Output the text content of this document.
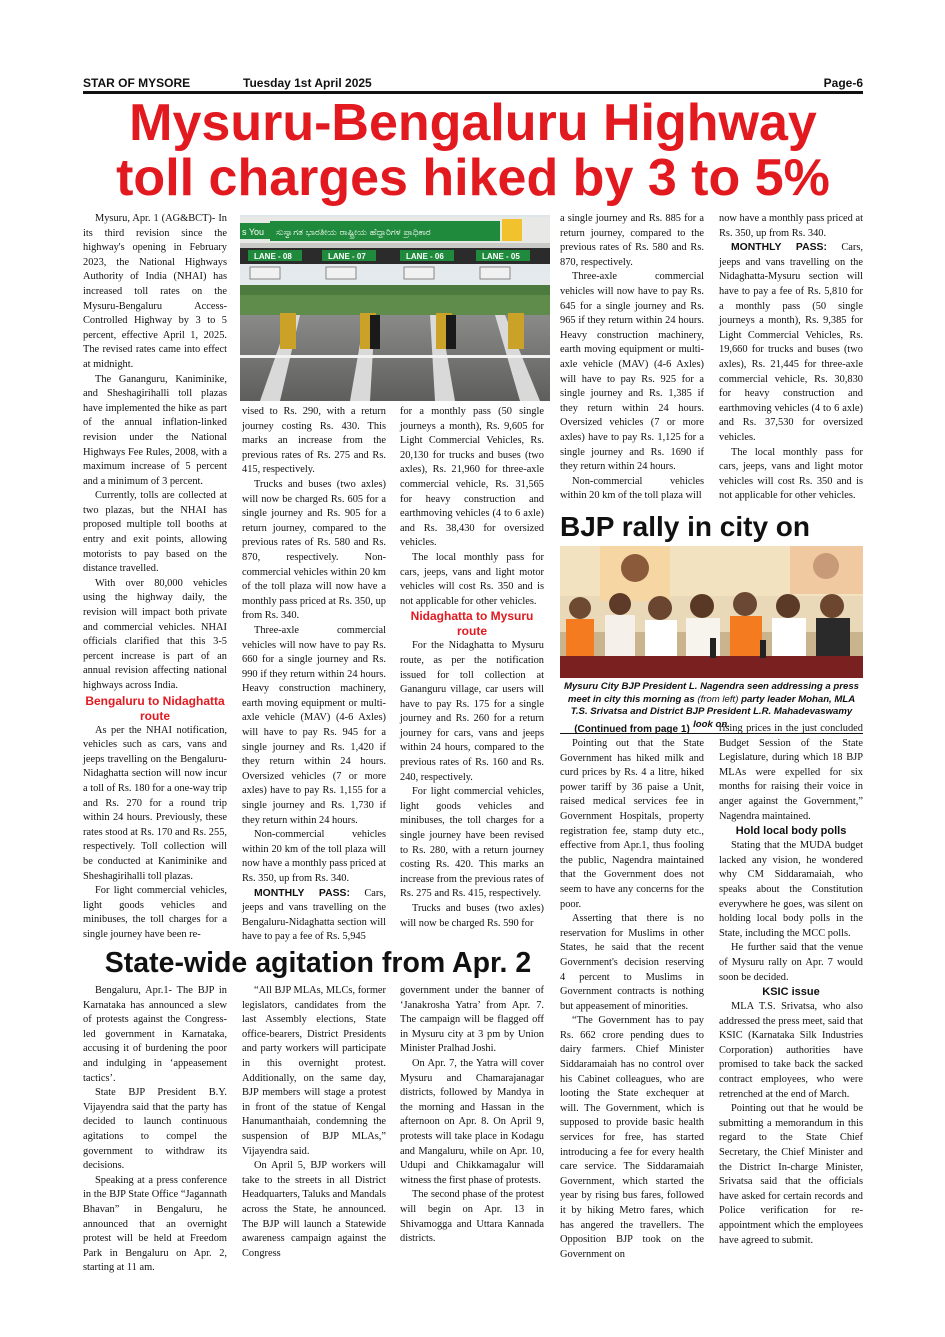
STAR OF MYSORE	Tuesday 1st April 2025	Page-6
Mysuru-Bengaluru Highway
toll charges hiked by 3 to 5%

Mysuru, Apr. 1 (AG&BCT)- In its third revision since the highway's opening in February 2023, the National Highways Authority of India (NHAI) has increased toll rates on the Mysuru-Bengaluru Access-Controlled Highway by 3 to 5 percent, effective April 1, 2025. The revised rates came into effect at midnight.

The Gananguru, Kaniminike, and Sheshagirihalli toll plazas have implemented the hike as part of the annual inflation-linked revision under the National Highways Fee Rules, 2008, with a maximum increase of 5 percent and a minimum of 3 percent.

Currently, tolls are collected at two plazas, but the NHAI has proposed multiple toll booths at entry and exit points, allowing motorists to pay based on the distance travelled.

With over 80,000 vehicles using the highway daily, the revision will impact both private and commercial vehicles. NHAI officials clarified that this 3-5 percent increase is part of an annual revision affecting national highways across India.

Bengaluru to Nidaghatta route

As per the NHAI notification, vehicles such as cars, vans and jeeps travelling on the Bengaluru-Nidaghatta section will now incur a toll of Rs. 180 for a one-way trip and Rs. 270 for a round trip within 24 hours. Previously, these rates stood at Rs. 170 and Rs. 255, respectively. Toll collection will be conducted at Kaniminike and Sheshagirihalli toll plazas.

For light commercial vehicles, light goods vehicles and minibuses, the toll charges for a single journey have been re-

s You ಸುಸ್ವಾಗತ ಭಾರತೀಯ ರಾಷ್ಟ್ರೀಯ ಹೆದ್ದಾರಿಗಳ ಪ್ರಾಧಿಕಾರ
LANE - 08	LANE - 07	LANE - 06	LANE - 05

vised to Rs. 290, with a return journey costing Rs. 430. This marks an increase from the previous rates of Rs. 275 and Rs. 415, respectively.

Trucks and buses (two axles) will now be charged Rs. 605 for a single journey and Rs. 905 for a return journey, compared to the previous rates of Rs. 580 and Rs. 870, respectively. Non-commercial vehicles within 20 km of the toll plaza will now have a monthly pass priced at Rs. 350, up from Rs. 340.

Three-axle commercial vehicles will now have to pay Rs. 660 for a single journey and Rs. 990 if they return within 24 hours. Heavy construction machinery, earth moving equipment or multi-axle vehicle (MAV) (4-6 Axles) will have to pay Rs. 945 for a single journey and Rs. 1,420 if they return within 24 hours. Oversized vehicles (7 or more axles) have to pay Rs. 1,155 for a single journey and Rs. 1,730 if they return within 24 hours.

Non-commercial vehicles within 20 km of the toll plaza will now have a monthly pass priced at Rs. 350, up from Rs. 340.

MONTHLY PASS: Cars, jeeps and vans travelling on the Bengaluru-Nidaghatta section will have to pay a fee of Rs. 5,945

for a monthly pass (50 single journeys a month), Rs. 9,605 for Light Commercial Vehicles, Rs. 20,130 for trucks and buses (two axles), Rs. 21,960 for three-axle commercial vehicle, Rs. 31,565 for heavy construction and earthmoving vehicles (4 to 6 axle) and Rs. 38,430 for oversized vehicles.

The local monthly pass for cars, jeeps, vans and light motor vehicles will cost Rs. 350 and is not applicable for other vehicles.

Nidaghatta to Mysuru route

For the Nidaghatta to Mysuru route, as per the notification issued for toll collection at Gananguru village, car users will have to pay Rs. 175 for a single journey and Rs. 260 for a return journey for cars, vans and jeeps within 24 hours, compared to the previous rates of Rs. 160 and Rs. 240, respectively.

For light commercial vehicles, light goods vehicles and minibuses, the toll charges for a single journey have been revised to Rs. 280, with a return journey costing Rs. 420. This marks an increase from the previous rates of Rs. 275 and Rs. 415, respectively.

Trucks and buses (two axles) will now be charged Rs. 590 for

a single journey and Rs. 885 for a return journey, compared to the previous rates of Rs. 580 and Rs. 870, respectively.

Three-axle commercial vehicles will now have to pay Rs. 645 for a single journey and Rs. 965 if they return within 24 hours. Heavy construction machinery, earth moving equipment or multi-axle vehicle (MAV) (4-6 Axles) will have to pay Rs. 925 for a single journey and Rs. 1,385 if they return within 24 hours. Oversized vehicles (7 or more axles) have to pay Rs. 1,125 for a single journey and Rs. 1690 if they return within 24 hours.

Non-commercial vehicles within 20 km of the toll plaza will

now have a monthly pass priced at Rs. 350, up from Rs. 340.

MONTHLY PASS: Cars, jeeps and vans travelling on the Nidaghatta-Mysuru section will have to pay a fee of Rs. 5,810 for a monthly pass (50 single journeys a month), Rs. 9,385 for Light Commercial Vehicles, Rs. 19,660 for trucks and buses (two axles), Rs. 21,445 for three-axle commercial vehicle, Rs. 30,830 for heavy construction and earthmoving vehicles (4 to 6 axle) and Rs. 37,530 for oversized vehicles.

The local monthly pass for cars, jeeps, vans and light motor vehicles will cost Rs. 350 and is not applicable for other vehicles.

BJP rally in city on
Mysuru City BJP President L. Nagendra seen addressing a press meet in city this morning as (from left) party leader Mohan, MLA T.S. Srivatsa and District BJP President L.R. Mahadevaswamy look on.

(Continued from page 1)

Pointing out that the State Government has hiked milk and curd prices by Rs. 4 a litre, hiked power tariff by 36 paise a Unit, raised medical services fee in Government Hospitals, property registration fee, stamp duty etc., effective from Apr.1, thus fooling the public, Nagendra maintained that the Government does not seem to have any concerns for the poor.

Asserting that there is no reservation for Muslims in other States, he said that the recent Government's decision reserving 4 percent to Muslims in Government contracts is nothing but appeasement of minorities.

“The Government has to pay Rs. 662 crore pending dues to dairy farmers. Chief Minister Siddaramaiah has no control over his Cabinet colleagues, who are looting the State exchequer at will. The Government, which is supposed to provide basic health services for free, has started introducing a fee for every health care service. The Siddaramaiah Government, which started the year by rising bus fares, followed it by hiking Metro fares, which has angered the travellers. The Opposition BJP took on the Government on

rising prices in the just concluded Budget Session of the State Legislature, during which 18 BJP MLAs were expelled for six months for raising their voice in anger against the Government,” Nagendra maintained.

Hold local body polls

Stating that the MUDA budget lacked any vision, he wondered why CM Siddaramaiah, who speaks about the Constitution everywhere he goes, was silent on holding local body polls in the State, including the MCC polls.

He further said that the venue of Mysuru rally on Apr. 7 would soon be decided.

KSIC issue

MLA T.S. Srivatsa, who also addressed the press meet, said that KSIC (Karnataka Silk Industries Corporation) authorities have promised to take back the sacked contract employees, who were retrenched at the end of March.

Pointing out that he would be submitting a memorandum in this regard to the State Chief Secretary, the Chief Minister and the District In-charge Minister, Srivatsa said that the officials have asked for certain records and Police verification for re-appointment which the employees have agreed to submit.

State-wide agitation from Apr. 2

Bengaluru, Apr.1- The BJP in Karnataka has announced a slew of protests against the Congress-led government in Karnataka, accusing it of burdening the poor and indulging in ‘appeasement tactics’.

State BJP President B.Y. Vijayendra said that the party has decided to launch continuous agitations to compel the government to withdraw its decisions.

Speaking at a press conference in the BJP State Office “Jagannath Bhavan” in Bengaluru, he announced that an overnight protest will be held at Freedom Park in Bengaluru on Apr. 2, starting at 11 am.

“All BJP MLAs, MLCs, former legislators, candidates from the last Assembly elections, State office-bearers, District Presidents and party workers will participate in this overnight protest. Additionally, on the same day, BJP members will stage a protest in front of the statue of Kengal Hanumanthaiah, condemning the suspension of BJP MLAs,” Vijayendra said.

On April 5, BJP workers will take to the streets in all District Headquarters, Taluks and Mandals across the State, he announced. The BJP will launch a Statewide awareness campaign against the Congress

government under the banner of ‘Janakrosha Yatra’ from Apr. 7. The campaign will be flagged off in Mysuru city at 3 pm by Union Minister Pralhad Joshi.

On Apr. 7, the Yatra will cover Mysuru and Chamarajanagar districts, followed by Mandya in the morning and Hassan in the afternoon on Apr. 8. On April 9, protests will take place in Kodagu and Mangaluru, while on Apr. 10, Udupi and Chikkamagalur will witness the first phase of protests.

The second phase of the protest will begin on Apr. 13 in Shivamogga and Uttara Kannada districts.
